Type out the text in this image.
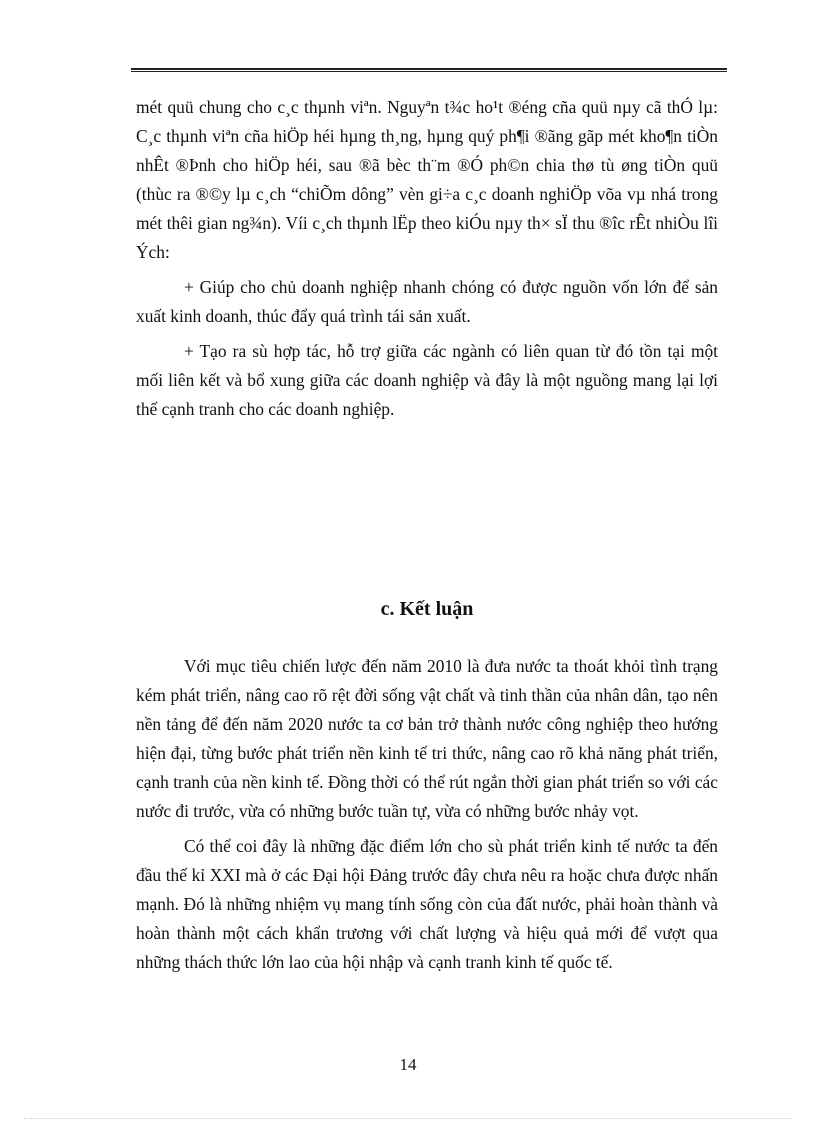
mét quü chung cho c¸c thµnh viªn. Nguyªn t¾c ho¹t ®éng cña quü nµy cã thÓ lµ: C¸c thµnh viªn cña hiÖp héi hµng th¸ng, hµng quý ph¶i ®ãng gãp mét kho¶n tiÒn nhÊt ®Þnh cho hiÖp héi, sau ®ã bèc th¨m ®Ó ph©n chia thø tù øng tiÒn quü (thùc ra ®©y lµ c¸ch “chiÕm dông” vèn gi÷a c¸c doanh nghiÖp võa vµ nhá trong mét thêi gian ng¾n). Víi c¸ch thµnh lËp theo kiÓu nµy th× sÏ thu ®îc rÊt nhiÒu lîi Ých:

+ Giúp cho chủ doanh nghiệp nhanh chóng có được nguồn vốn lớn để sản xuất kinh doanh, thúc đẩy quá trình tái sản xuất.

+ Tạo ra sù hợp tác, hỗ trợ giữa các ngành có liên quan từ đó tồn tại một mối liên kết và bổ xung giữa các doanh nghiệp và đây là một nguồng mang lại lợi thế cạnh tranh cho các doanh nghiệp.

c. Kết luận

Với mục tiêu chiến lược đến năm 2010 là đưa nước ta thoát khỏi tình trạng kém phát triển, nâng cao rõ rệt đời sống vật chất và tinh thần của nhân dân, tạo nên nền tảng để đến năm 2020 nước ta cơ bản trở thành nước công nghiệp theo hướng hiện đại, từng bước phát triển nền kinh tế tri thức, nâng cao rõ khả năng phát triển, cạnh tranh của nền kinh tế. Đồng thời có thể rút ngắn thời gian phát triển so với các nước đi trước, vừa có những bước tuần tự, vừa có những bước nhảy vọt.

Có thể coi đây là những đặc điểm lớn cho sù phát triển kinh tế nước ta đến đầu thế kỉ XXI mà ở các Đại hội Đảng trước đây chưa nêu ra hoặc chưa được nhấn mạnh. Đó là những nhiệm vụ mang tính sống còn của đất nước, phải hoàn thành và hoàn thành một cách khẩn trương với chất lượng và hiệu quả mới để vượt qua những thách thức lớn lao của hội nhập và cạnh tranh kinh tế quốc tế.

14
